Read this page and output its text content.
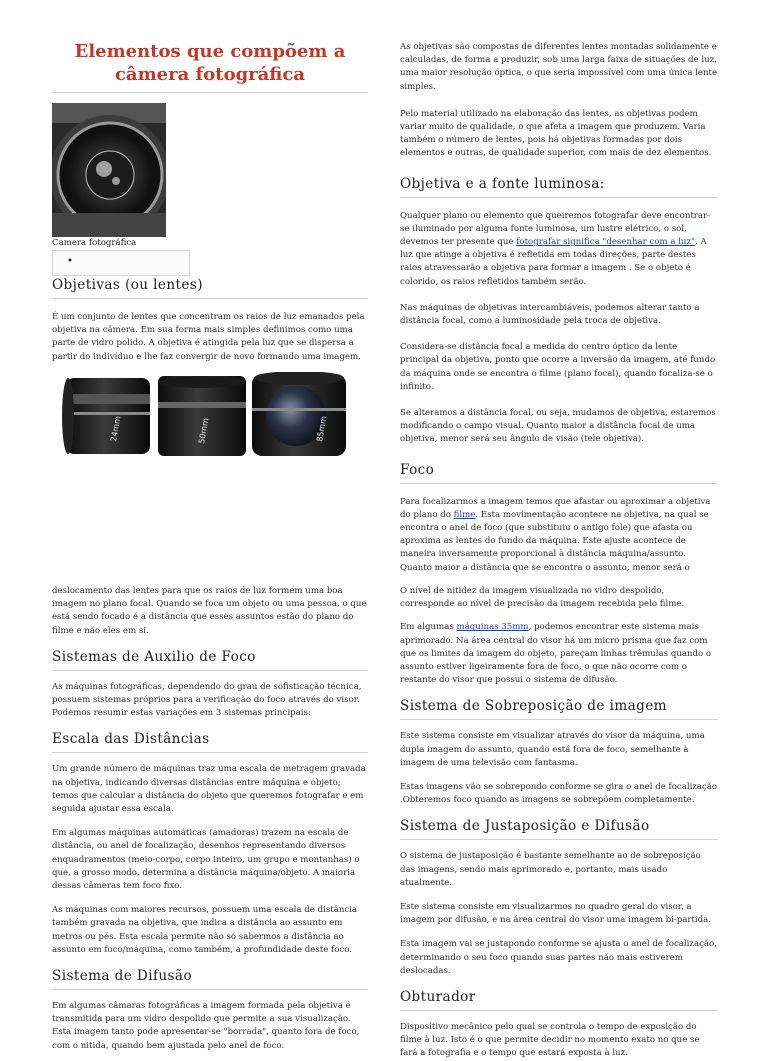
Elementos que compõem a câmera fotográfica
Camera fotográfica
•
Objetivas (ou lentes)

É um conjunto de lentes que concentram os raios de luz emanados pela objetiva na câmera. Em sua forma mais simples definimos como uma parte de vidro polido. A objetiva é atingida pela luz que se dispersa a partir do indivíduo e lhe faz convergir de novo formando uma imagem.

24mm	50mm	85mm

As objetivas são compostas de diferentes lentes montadas solidamente e calculadas, de forma a produzir, sob uma larga faixa de situações de luz, uma maior resolução óptica, o que seria impossível com uma única lente simples.

Pelo material utilizado na elaboração das lentes, as objetivas podem variar muito de qualidade, o que afeta a imagem que produzem. Varia também o número de lentes, pois há objetivas formadas por dois elementos e outras, de qualidade superior, com mais de dez elementos.

Objetiva e a fonte luminosa:

Qualquer plano ou elemento que queiremos fotografar deve encontrar-se iluminado por alguma fonte luminosa, um lustre elétrico, o sol, devemos ter presente que fotografar significa "desenhar com a luz". A luz que atinge a objetiva é refletida em todas direções, parte destes raios atravessarão a objetiva para formar a imagem . Se o objeto é colorido, os raios refletidos também serão.

Nas máquinas de objetivas intercambiáveis, podemos alterar tanto a distância focal, como a luminosidade pela troca de objetiva.

Considera-se distância focal a medida do centro óptico da lente principal da objetiva, ponto que ocorre a inversão da imagem, até fundo da máquina onde se encontra o filme (plano focal), quando focaliza-se o infinito.

Se alteramos a distância focal, ou seja, mudamos de objetiva, estaremos modificando o campo visual. Quanto maior a distância focal de uma objetiva, menor será seu ângulo de visão (tele objetiva).

Foco

Para focalizarmos a imagem temos que afastar ou aproximar a objetiva do plano do filme. Esta movimentação acontece na objetiva, na qual se encontra o anel de foco (que substituiu o antigo fole) que afasta ou aproxima as lentes do fundo da máquina. Este ajuste acontece de maneira inversamente proporcional à distância máquina/assunto. Quanto maior a distância que se encontra o assunto, menor será o

deslocamento das lentes para que os raios de luz formem uma boa imagem no plano focal. Quando se foca um objeto ou uma pessoa, o que está sendo focado é a distância que esses assuntos estão do plano do filme e não eles em si.

Sistemas de Auxilio de Foco

As máquinas fotográficas, dependendo do grau de sofisticação técnica, possuem sistemas próprios para a verificação do foco através do visor. Podemos resumir estas variações em 3 sistemas principais:

Escala das Distâncias

Um grande número de máquinas traz uma escala de metragem gravada na objetiva, indicando diversas distâncias entre máquina e objeto; temos que calcular a distância do objeto que queremos fotografar e em seguida ajustar essa escala.

Em algumas máquinas automáticas (amadoras) trazem na escala de distância, ou anel de focalização, desenhos representando diversos enquadramentos (meio-corpo, corpo inteiro, um grupo e montanhas) o que, a grosso modo, determina a distância máquina/objeto. A maioria dessas câmeras tem foco fixo.

As máquinas com maiores recursos, possuem uma escala de distância também gravada na objetiva, que indica a distância ao assunto em metros ou pés. Esta escala permite não só sabermos a distância ao assunto em foco/máquina, como também, a profundidade deste foco.

Sistema de Difusão

Em algumas câmaras fotográficas a imagem formada pela objetiva é transmitida para um vidro despolido que permite a sua visualização. Esta imagem tanto pode apresentar-se "borrada", quanto fora de foco, com o nitida, quando bem ajustada pelo anel de foco.

O nível de nitidez da imagem visualizada no vidro despolido, corresponde ao nível de precisão da imagem recebida pelo filme.

Em algumas máquinas 35mm, podemos encontrar este sistema mais aprimorado. Na área central do visor há um micro prisma que faz com que os limites da imagem do objeto, pareçam linhas trêmulas quando o assunto estiver ligeiramente fora de foco, o que não ocorre com o restante do visor que possui o sistema de difusão.

Sistema de Sobreposição de imagem

Este sistema consiste em visualizar através do visor da máquina, uma dupla imagem do assunto, quando está fora de foco, semelhante à imagem de uma televisão com fantasma.

Estas imagens vão se sobrepondo conforme se gira o anel de focalização .Obteremos foco quando as imagens se sobrepõem completamente.

Sistema de Justaposição e Difusão

O sistema de justaposição é bastante semelhante ao de sobreposição das imagens, sendo mais aprimorado e, portanto, mais usado atualmente.

Este sistema consiste em visualizarmos no quadro geral do visor, a imagem por difusão, e na área central do visor uma imagem bi-partida.

Esta imagem vai se justapondo conforme se ajusta o anel de focalização, determinando o seu foco quando suas partes não mais estiverem deslocadas.

Obturador

Dispositivo mecânico pelo qual se controla o tempo de exposição do filme à luz. Isto é o que permite decidir no momento exato no que se fará a fotografia e o tempo que estará exposta à luz.
